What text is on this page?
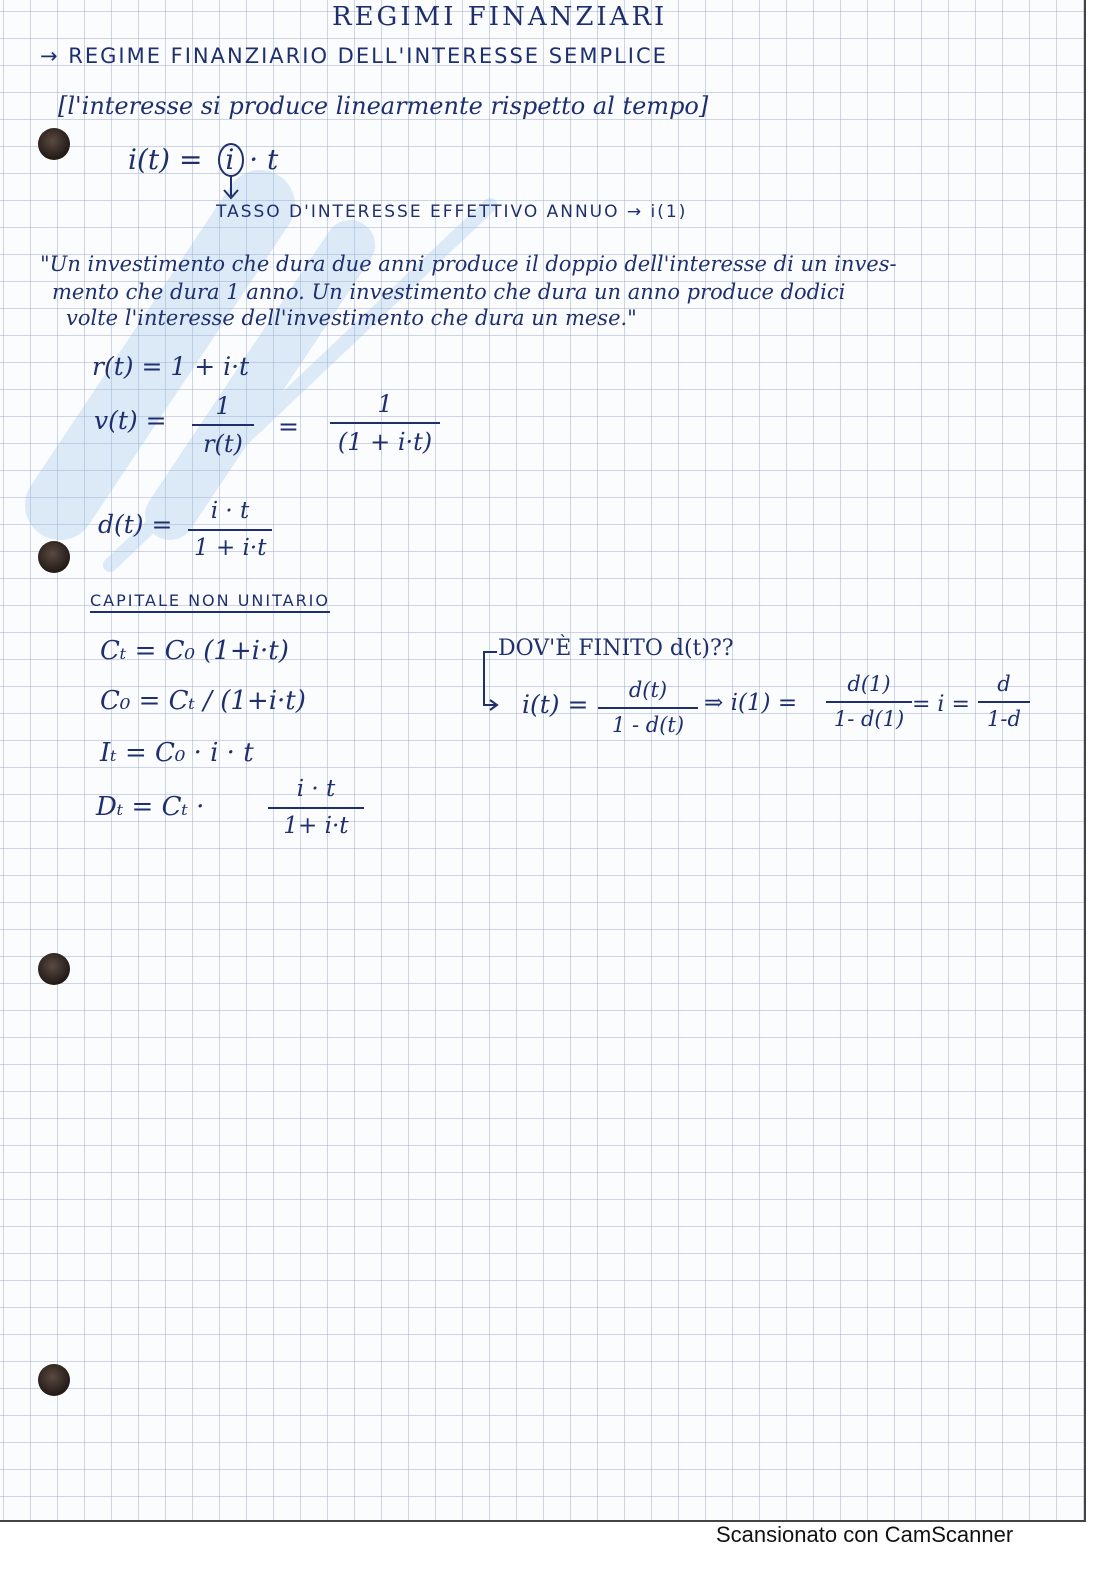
REGIMI FINANZIARI
→ REGIME FINANZIARIO DELL'INTERESSE SEMPLICE
[l'interesse si produce linearmente rispetto al tempo]
i(t) = i · t
TASSO D'INTERESSE EFFETTIVO ANNUO → i(1)
"Un investimento che dura due anni produce il doppio dell'interesse di un inves-
mento che dura 1 anno. Un investimento che dura un anno produce dodici
volte l'interesse dell'investimento che dura un mese."
r(t) = 1 + i·t
$v(t) = \frac{1}{r(t)} = \frac{1}{(1 + i\cdot t)}$
$d(t) = \frac{i \cdot t}{1 + i\cdot t}$
CAPITALE NON UNITARIO
Cₜ = C₀ (1+i·t)
C₀ = Cₜ / (1+i·t)
Iₜ = C₀ · i · t
Dₜ = Cₜ ·	$\frac{i \cdot t}{1+ i\cdot t}$
DOV'È FINITO d(t)??
$i(t) = \frac{d(t)}{1 - d(t)}$ ⇒ $i(1) = \frac{d(1)}{1- d(1)} = i = \frac{d}{1-d}$
Scansionato con CamScanner
